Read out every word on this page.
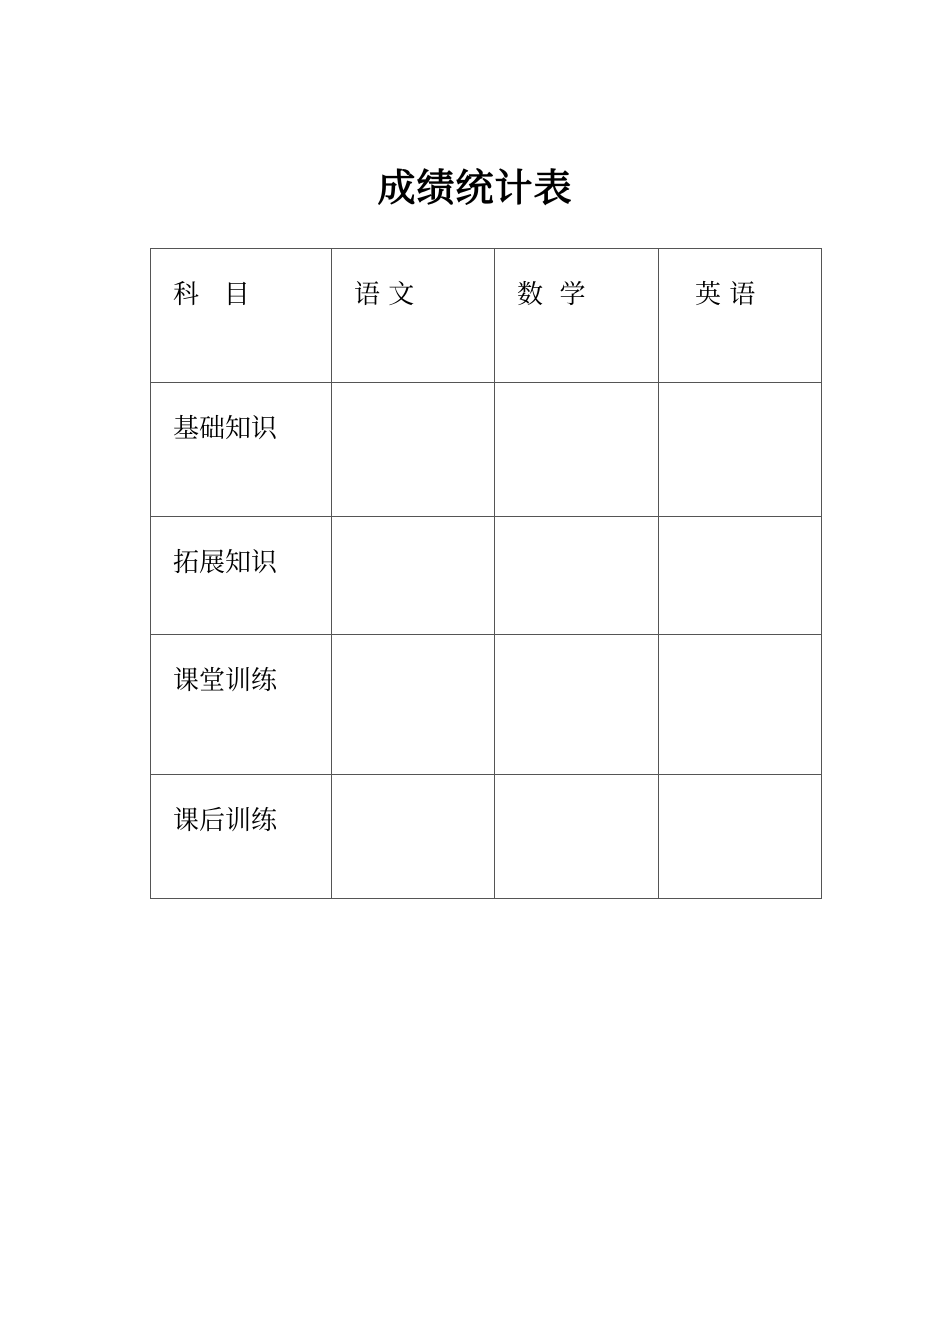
成绩统计表
科   目	语 文	数  学	英 语

基础知识			

拓展知识			

课堂训练			

课后训练			
